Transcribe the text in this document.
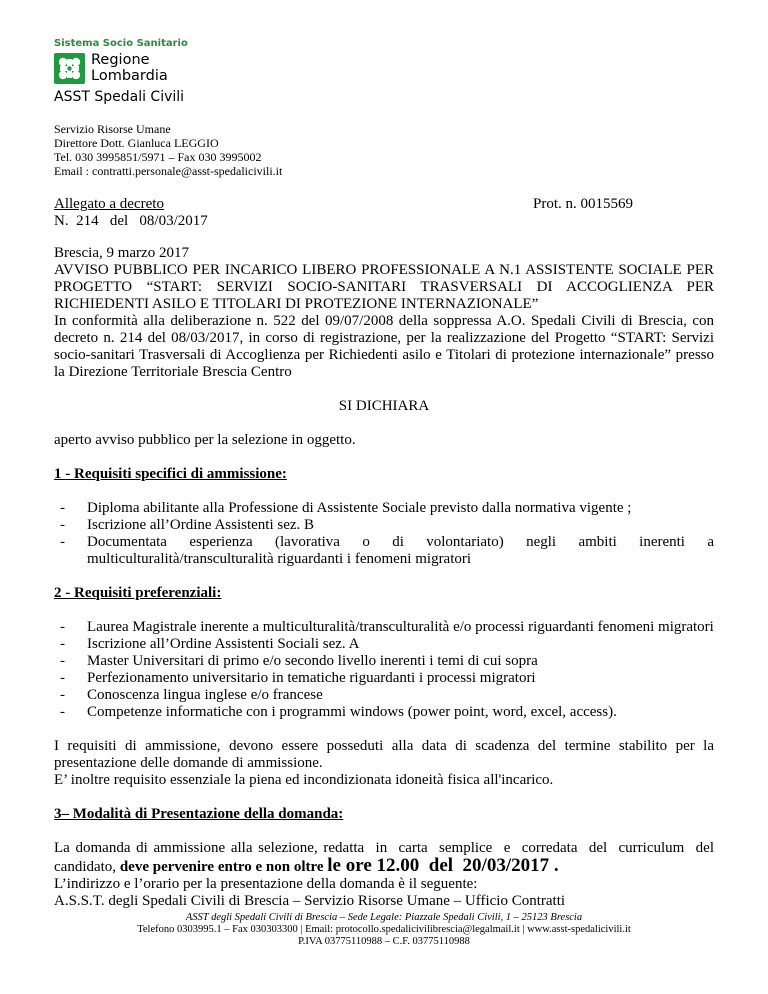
Sistema Socio Sanitario
Regione
Lombardia
ASST Spedali Civili
Servizio Risorse Umane
Direttore Dott. Gianluca LEGGIO
Tel. 030 3995851/5971 – Fax 030 3995002
Email : contratti.personale@asst-spedalicivili.it
Allegato a decreto
N.  214   del   08/03/2017
Prot. n. 0015569
Brescia, 9 marzo 2017
AVVISO PUBBLICO PER INCARICO LIBERO PROFESSIONALE A N.1 ASSISTENTE SOCIALE PER PROGETTO “START: SERVIZI SOCIO-SANITARI TRASVERSALI DI ACCOGLIENZA PER RICHIEDENTI ASILO E TITOLARI DI PROTEZIONE INTERNAZIONALE”
In conformità alla deliberazione n. 522 del 09/07/2008 della soppressa A.O. Spedali Civili di Brescia, con decreto n. 214 del 08/03/2017, in corso di registrazione, per la realizzazione del Progetto “START: Servizi socio-sanitari Trasversali di Accoglienza per Richiedenti asilo e Titolari di protezione internazionale” presso la Direzione Territoriale Brescia Centro
SI DICHIARA
aperto avviso pubblico per la selezione in oggetto.
1 - Requisiti specifici di ammissione:
- Diploma abilitante alla Professione di Assistente Sociale previsto dalla normativa vigente ;
- Iscrizione all’Ordine Assistenti sez. B
- Documentata     esperienza     (lavorativa     o     di     volontariato)     negli     ambiti     inerenti     a multiculturalità/transculturalità riguardanti i fenomeni migratori
2 - Requisiti preferenziali:
- Laurea Magistrale inerente a multiculturalità/transculturalità e/o processi riguardanti fenomeni migratori
- Iscrizione all’Ordine Assistenti Sociali sez. A
- Master Universitari di primo e/o secondo livello inerenti i temi di cui sopra
- Perfezionamento universitario in tematiche riguardanti i processi migratori
- Conoscenza lingua inglese e/o francese
- Competenze informatiche con i programmi windows (power point, word, excel, access).
I requisiti di ammissione, devono essere posseduti alla data di scadenza del termine stabilito per la presentazione delle domande di ammissione.
E’ inoltre requisito essenziale la piena ed incondizionata idoneità fisica all'incarico.
3– Modalità di Presentazione della domanda:
La domanda di ammissione alla selezione, redatta  in  carta  semplice  e  corredata  del  curriculum  del candidato, deve pervenire entro e non oltre le ore 12.00  del  20/03/2017 .
L’indirizzo e l’orario per la presentazione della domanda è il seguente:
A.S.S.T. degli Spedali Civili di Brescia – Servizio Risorse Umane – Ufficio Contratti
ASST degli Spedali Civili di Brescia – Sede Legale: Piazzale Spedali Civili, 1 – 25123 Brescia
Telefono 0303995.1 – Fax 030303300 | Email: protocollo.spedalicivilibrescia@legalmail.it | www.asst-spedalicivili.it
P.IVA 03775110988 – C.F. 03775110988
